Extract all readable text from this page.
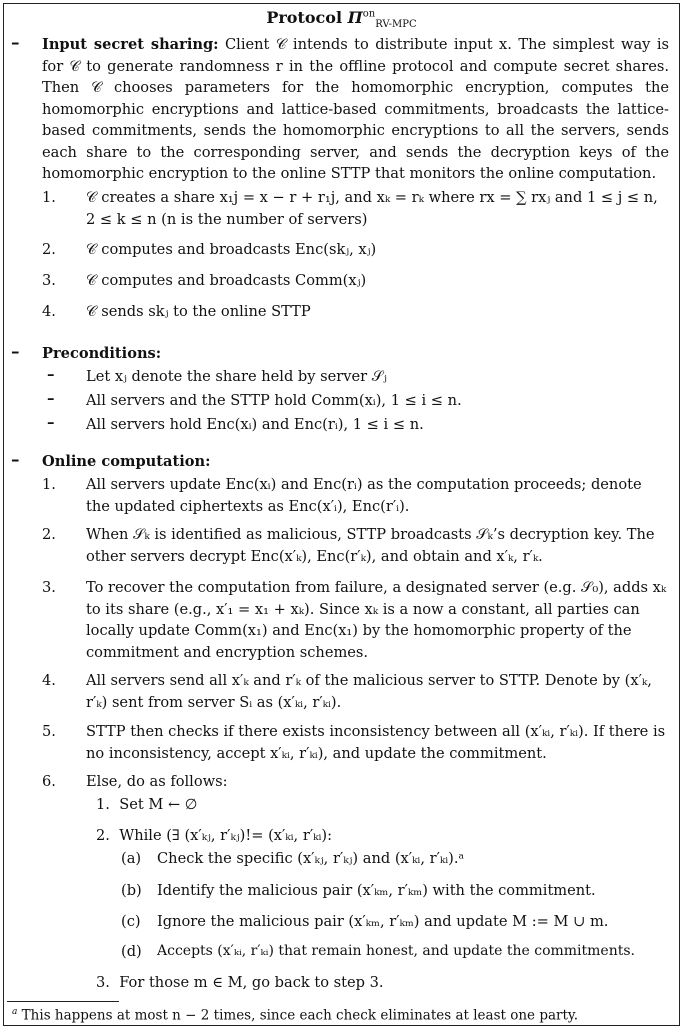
Protocol $\Pi^{on}_{RV-MPC}$
– Input secret sharing: Client 𝒞 intends to distribute input x. The simplest way is for 𝒞 to generate randomness r in the offline protocol and compute secret shares. Then 𝒞 chooses parameters for the homomorphic encryption, computes the homomorphic encryptions and lattice-based commitments, broadcasts the lattice-based commitments, sends the homomorphic encryptions to all the servers, sends each share to the corresponding server, and sends the decryption keys of the homomorphic encryption to the online STTP that monitors the online computation.
1. 𝒞 creates a share x₁j = x − r + r₁j, and xₖ = rₖ where rx = ∑ rxⱼ and 1 ≤ j ≤ n, 2 ≤ k ≤ n (n is the number of servers)
2. 𝒞 computes and broadcasts Enc(skⱼ, xⱼ)
3. 𝒞 computes and broadcasts Comm(xⱼ)
4. 𝒞 sends skⱼ to the online STTP
– Preconditions:
– Let xⱼ denote the share held by server 𝒮ⱼ
– All servers and the STTP hold Comm(xᵢ), 1 ≤ i ≤ n.
– All servers hold Enc(xᵢ) and Enc(rᵢ), 1 ≤ i ≤ n.
– Online computation:
1. All servers update Enc(xᵢ) and Enc(rᵢ) as the computation proceeds; denote the updated ciphertexts as Enc(x′ᵢ), Enc(r′ᵢ).
2. When 𝒮ₖ is identified as malicious, STTP broadcasts 𝒮ₖ’s decryption key. The other servers decrypt Enc(x′ₖ), Enc(r′ₖ), and obtain and x′ₖ, r′ₖ.
3. To recover the computation from failure, a designated server (e.g. 𝒮₀), adds xₖ to its share (e.g., x′₁ = x₁ + xₖ). Since xₖ is a now a constant, all parties can locally update Comm(x₁) and Enc(x₁) by the homomorphic property of the commitment and encryption schemes.
4. All servers send all x′ₖ and r′ₖ of the malicious server to STTP. Denote by (x′ₖ, r′ₖ) sent from server Sᵢ as (x′ₖᵢ, r′ₖᵢ).
5. STTP then checks if there exists inconsistency between all (x′ₖᵢ, r′ₖᵢ). If there is no inconsistency, accept x′ₖᵢ, r′ₖᵢ), and update the commitment.
6. Else, do as follows:
1. Set M ← ∅
2. While (∃ (x′ₖⱼ, r′ₖⱼ)!= (x′ₖᵢ, r′ₖᵢ):
(a) Check the specific (x′ₖⱼ, r′ₖⱼ) and (x′ₖᵢ, r′ₖᵢ).ᵃ
(b) Identify the malicious pair (x′ₖₘ, r′ₖₘ) with the commitment.
(c) Ignore the malicious pair (x′ₖₘ, r′ₖₘ) and update M := M ∪ m.
(d) Accepts (x′ₖᵢ, r′ₖᵢ) that remain honest, and update the commitments.
3. For those m ∈ M, go back to step 3.
$^a$ This happens at most n − 2 times, since each check eliminates at least one party.
